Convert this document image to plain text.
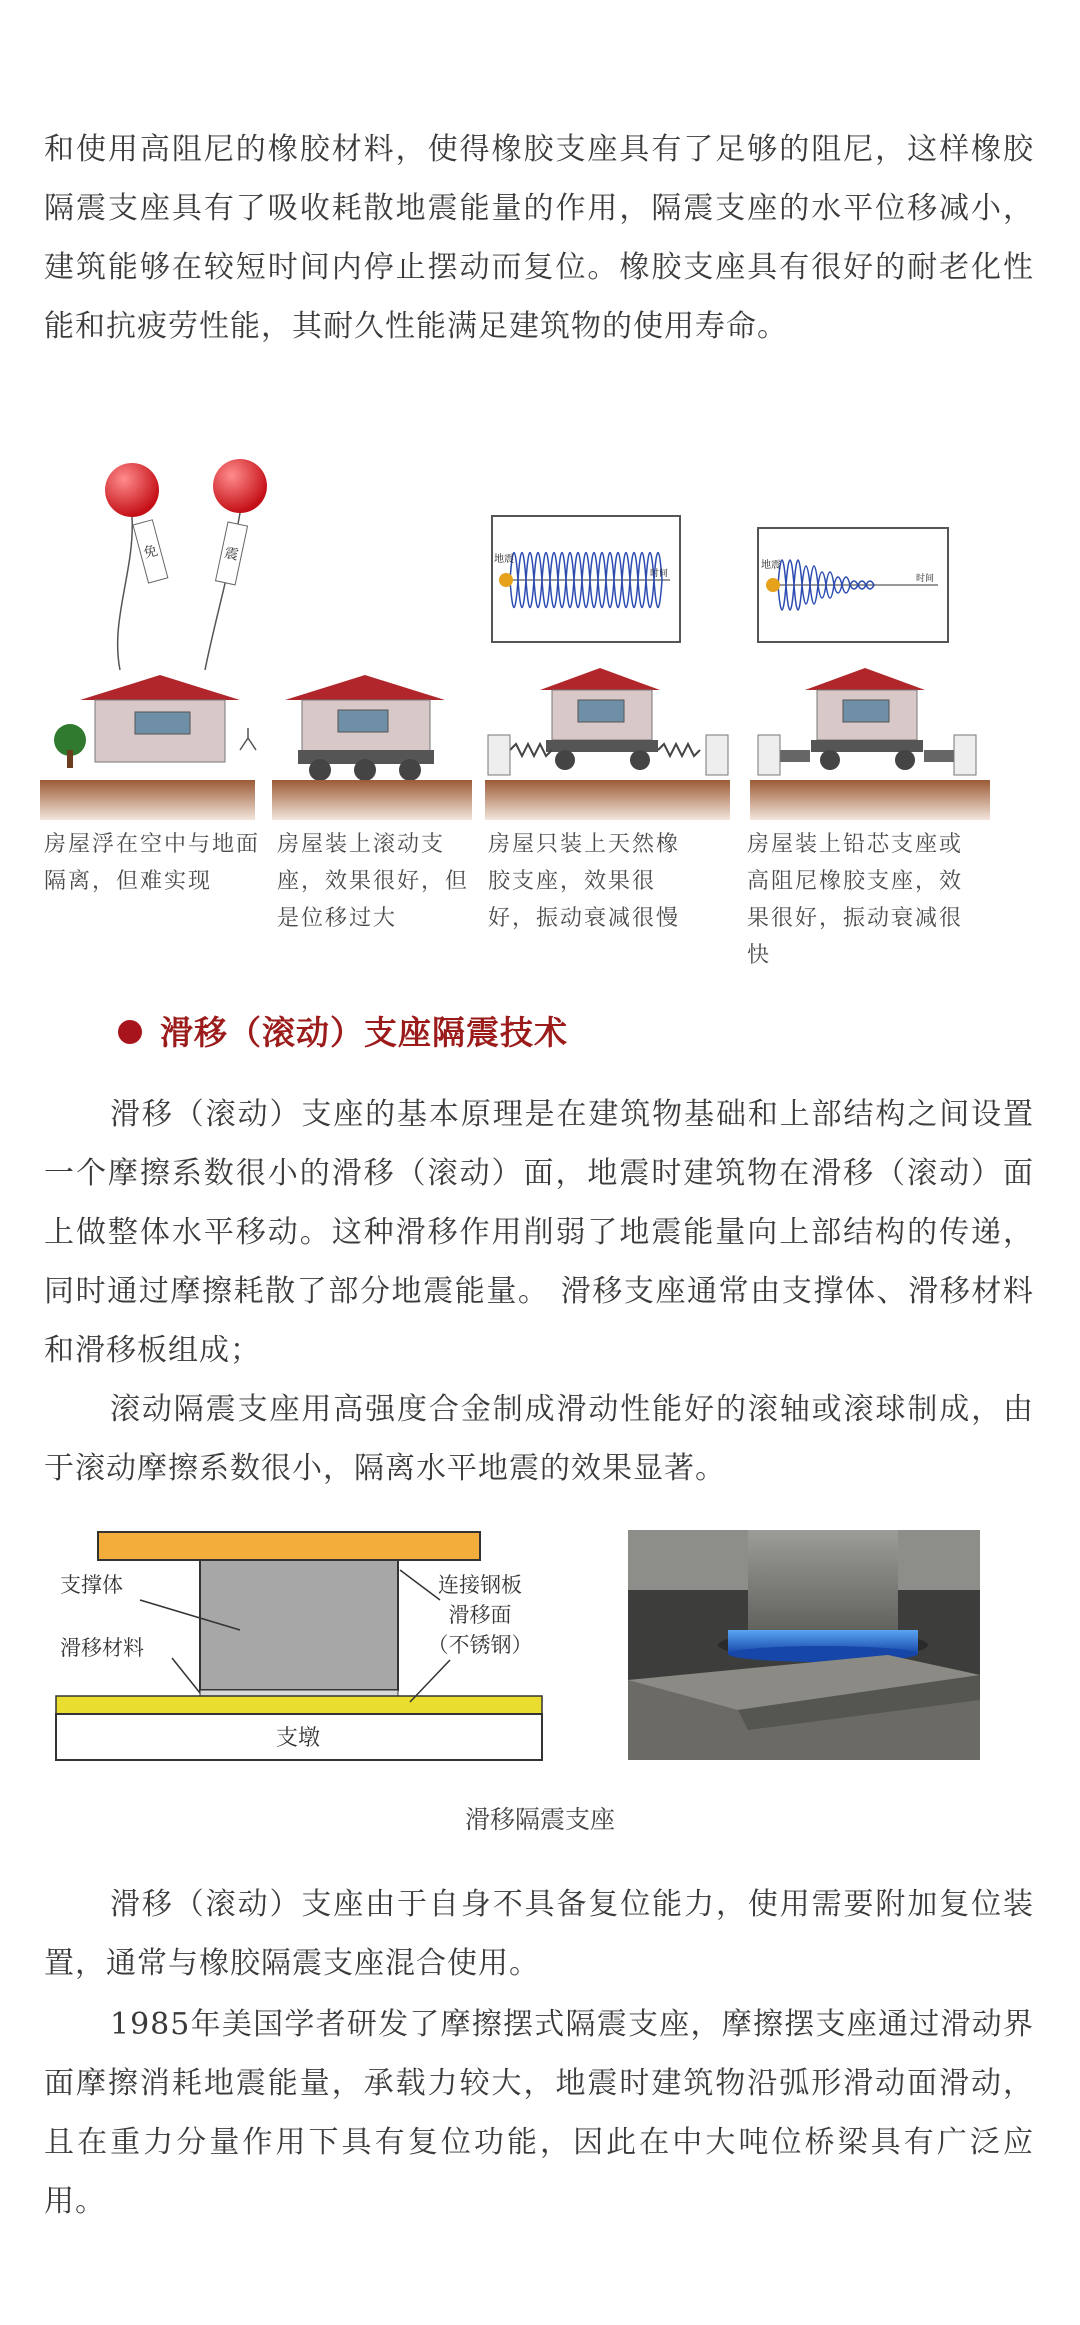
和使用高阻尼的橡胶材料，使得橡胶支座具有了足够的阻尼，这样橡胶隔震支座具有了吸收耗散地震能量的作用，隔震支座的水平位移减小，建筑能够在较短时间内停止摆动而复位。橡胶支座具有很好的耐老化性能和抗疲劳性能，其耐久性能满足建筑物的使用寿命。

免	震	地震
时间
地震
时间

房屋浮在空中与地面隔离，但难实现

房屋装上滚动支座，效果很好，但是位移过大

房屋只装上天然橡胶支座，效果很好，振动衰减很慢

房屋装上铅芯支座或高阻尼橡胶支座，效果很好，振动衰减很快

滑移（滚动）支座隔震技术

滑移（滚动）支座的基本原理是在建筑物基础和上部结构之间设置一个摩擦系数很小的滑移（滚动）面，地震时建筑物在滑移（滚动）面上做整体水平移动。这种滑移作用削弱了地震能量向上部结构的传递，同时通过摩擦耗散了部分地震能量。 滑移支座通常由支撑体、滑移材料和滑移板组成；

滚动隔震支座用高强度合金制成滑动性能好的滚轴或滚球制成，由于滚动摩擦系数很小，隔离水平地震的效果显著。

支撑体
滑移材料
连接钢板
滑移面
（不锈钢）
支墩
滑移隔震支座

滑移（滚动）支座由于自身不具备复位能力，使用需要附加复位装置，通常与橡胶隔震支座混合使用。

1985年美国学者研发了摩擦摆式隔震支座，摩擦摆支座通过滑动界面摩擦消耗地震能量，承载力较大，地震时建筑物沿弧形滑动面滑动，且在重力分量作用下具有复位功能，因此在中大吨位桥梁具有广泛应用。
